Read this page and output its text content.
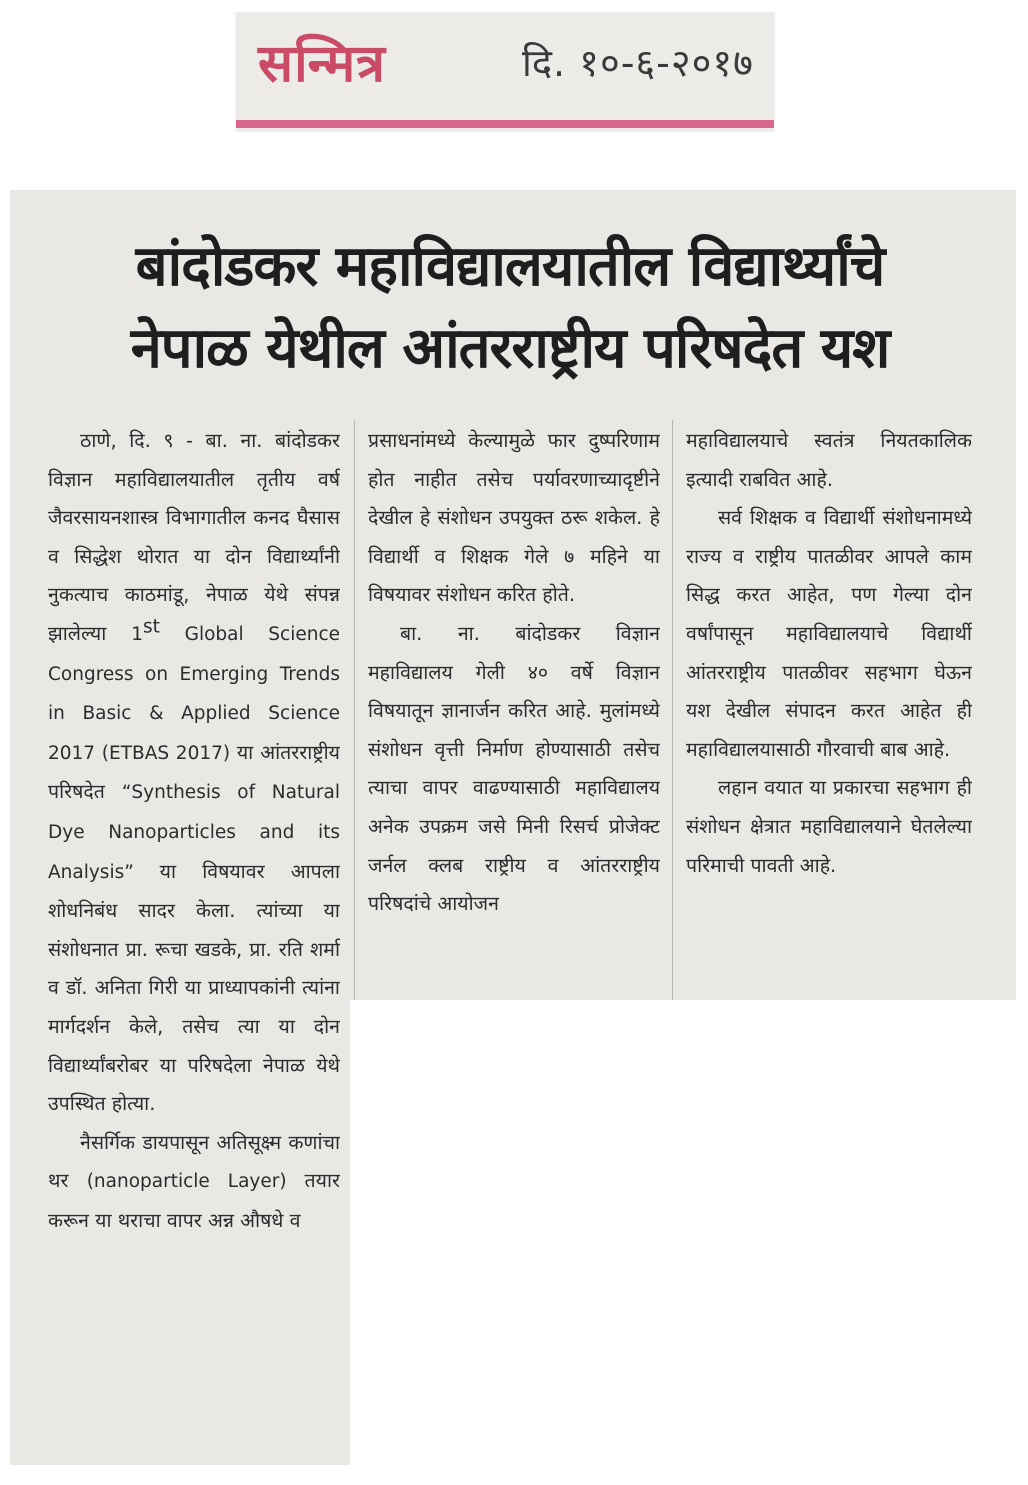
सन्मित्र	दि. १०-६-२०१७
बांदोडकर महाविद्यालयातील विद्यार्थ्यांचे
नेपाळ येथील आंतरराष्ट्रीय परिषदेत यश

ठाणे, दि. ९ - बा. ना. बांदोडकर विज्ञान महाविद्यालयातील तृतीय वर्ष जैवरसायनशास्त्र विभागातील कनद घैसास व सिद्धेश थोरात या दोन विद्यार्थ्यांनी नुकत्याच काठमांडू, नेपाळ येथे संपन्न झालेल्या 1st Global Science Congress on Emerging Trends in Basic & Applied Science 2017 (ETBAS 2017) या आंतरराष्ट्रीय परिषदेत “Synthesis of Natural Dye Nanoparticles and its Analysis” या विषयावर आपला शोधनिबंध सादर केला. त्यांच्या या संशोधनात प्रा. रूचा खडके, प्रा. रति शर्मा व डॉ. अनिता गिरी या प्राध्यापकांनी त्यांना मार्गदर्शन केले, तसेच त्या या दोन विद्यार्थ्यांबरोबर या परिषदेला नेपाळ येथे उपस्थित होत्या.

नैसर्गिक डायपासून अतिसूक्ष्म कणांचा थर (nanoparticle Layer) तयार करून या थराचा वापर अन्न औषधे व

प्रसाधनांमध्ये केल्यामुळे फार दुष्परिणाम होत नाहीत तसेच पर्यावरणाच्यादृष्टीने देखील हे संशोधन उपयुक्त ठरू शकेल. हे विद्यार्थी व शिक्षक गेले ७ महिने या विषयावर संशोधन करित होते.

बा. ना. बांदोडकर विज्ञान महाविद्यालय गेली ४० वर्षे विज्ञान विषयातून ज्ञानार्जन करित आहे. मुलांमध्ये संशोधन वृत्ती निर्माण होण्यासाठी तसेच त्याचा वापर वाढण्यासाठी महाविद्यालय अनेक उपक्रम जसे मिनी रिसर्च प्रोजेक्ट जर्नल क्लब राष्ट्रीय व आंतरराष्ट्रीय परिषदांचे आयोजन

महाविद्यालयाचे स्वतंत्र नियतकालिक इत्यादी राबवित आहे.

सर्व शिक्षक व विद्यार्थी संशोधनामध्ये राज्य व राष्ट्रीय पातळीवर आपले काम सिद्ध करत आहेत, पण गेल्या दोन वर्षांपासून महाविद्यालयाचे विद्यार्थी आंतरराष्ट्रीय पातळीवर सहभाग घेऊन यश देखील संपादन करत आहेत ही महाविद्यालयासाठी गौरवाची बाब आहे.

लहान वयात या प्रकारचा सहभाग ही संशोधन क्षेत्रात महाविद्यालयाने घेतलेल्या परिमाची पावती आहे.
